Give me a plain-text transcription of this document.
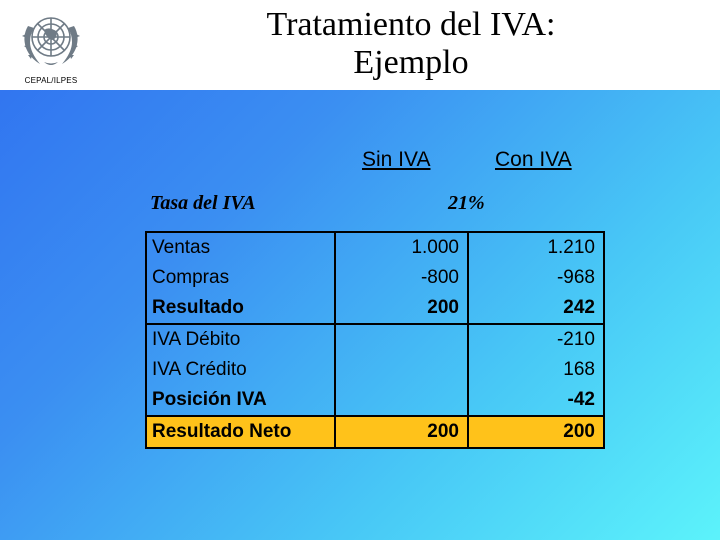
CEPAL/ILPES
Tratamiento del IVA:
Ejemplo
Sin IVA	Con IVA
Tasa del IVA	21%
Ventas	1.000	1.210
Compras	-800	-968
Resultado	200	242
IVA Débito		-210
IVA Crédito		168
Posición IVA		-42
Resultado Neto	200	200
